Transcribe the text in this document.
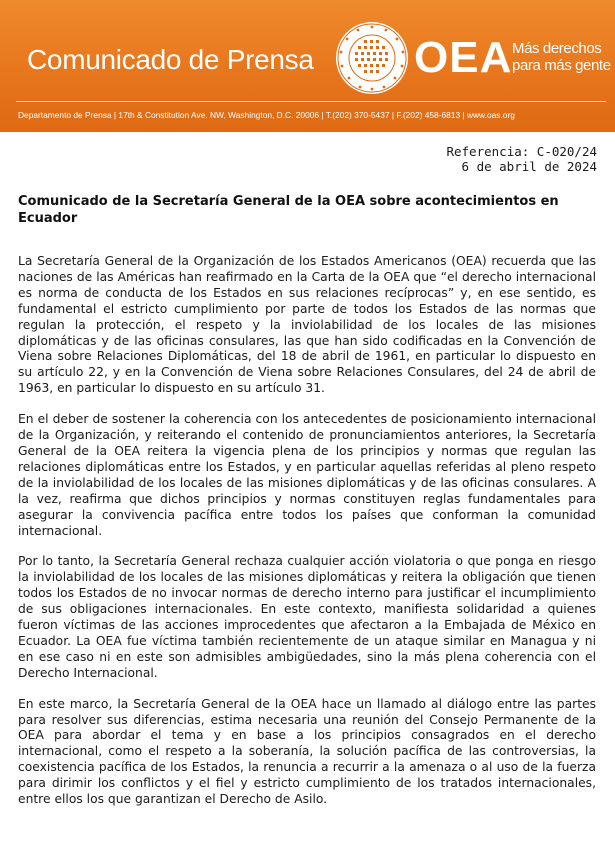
Comunicado de Prensa OEA Más derechos
para más gente
Departamento de Prensa | 17th & Constitution Ave. NW, Washington, D.C. 20006 | T.(202) 370-5437 | F.(202) 458-6813 | www.oas.org
Referencia: C-020/24
6 de abril de 2024
Comunicado de la Secretaría General de la OEA sobre acontecimientos en Ecuador

La Secretaría General de la Organización de los Estados Americanos (OEA) recuerda que las naciones de las Américas han reafirmado en la Carta de la OEA que “el derecho internacional es norma de conducta de los Estados en sus relaciones recíprocas” y, en ese sentido, es fundamental el estricto cumplimiento por parte de todos los Estados de las normas que regulan la protección, el respeto y la inviolabilidad de los locales de las misiones diplomáticas y de las oficinas consulares, las que han sido codificadas en la Convención de Viena sobre Relaciones Diplomáticas, del 18 de abril de 1961, en particular lo dispuesto en su artículo 22, y en la Convención de Viena sobre Relaciones Consulares, del 24 de abril de 1963, en particular lo dispuesto en su artículo 31.

En el deber de sostener la coherencia con los antecedentes de posicionamiento internacional de la Organización, y reiterando el contenido de pronunciamientos anteriores, la Secretaría General de la OEA reitera la vigencia plena de los principios y normas que regulan las relaciones diplomáticas entre los Estados, y en particular aquellas referidas al pleno respeto de la inviolabilidad de los locales de las misiones diplomáticas y de las oficinas consulares. A la vez, reafirma que dichos principios y normas constituyen reglas fundamentales para asegurar la convivencia pacífica entre todos los países que conforman la comunidad internacional.

Por lo tanto, la Secretaría General rechaza cualquier acción violatoria o que ponga en riesgo la inviolabilidad de los locales de las misiones diplomáticas y reitera la obligación que tienen todos los Estados de no invocar normas de derecho interno para justificar el incumplimiento de sus obligaciones internacionales. En este contexto, manifiesta solidaridad a quienes fueron víctimas de las acciones improcedentes que afectaron a la Embajada de México en Ecuador. La OEA fue víctima también recientemente de un ataque similar en Managua y ni en ese caso ni en este son admisibles ambigüedades, sino la más plena coherencia con el Derecho Internacional.

En este marco, la Secretaría General de la OEA hace un llamado al diálogo entre las partes para resolver sus diferencias, estima necesaria una reunión del Consejo Permanente de la OEA para abordar el tema y en base a los principios consagrados en el derecho internacional, como el respeto a la soberanía, la solución pacífica de las controversias, la coexistencia pacífica de los Estados, la renuncia a recurrir a la amenaza o al uso de la fuerza para dirimir los conflictos y el fiel y estricto cumplimiento de los tratados internacionales, entre ellos los que garantizan el Derecho de Asilo.
